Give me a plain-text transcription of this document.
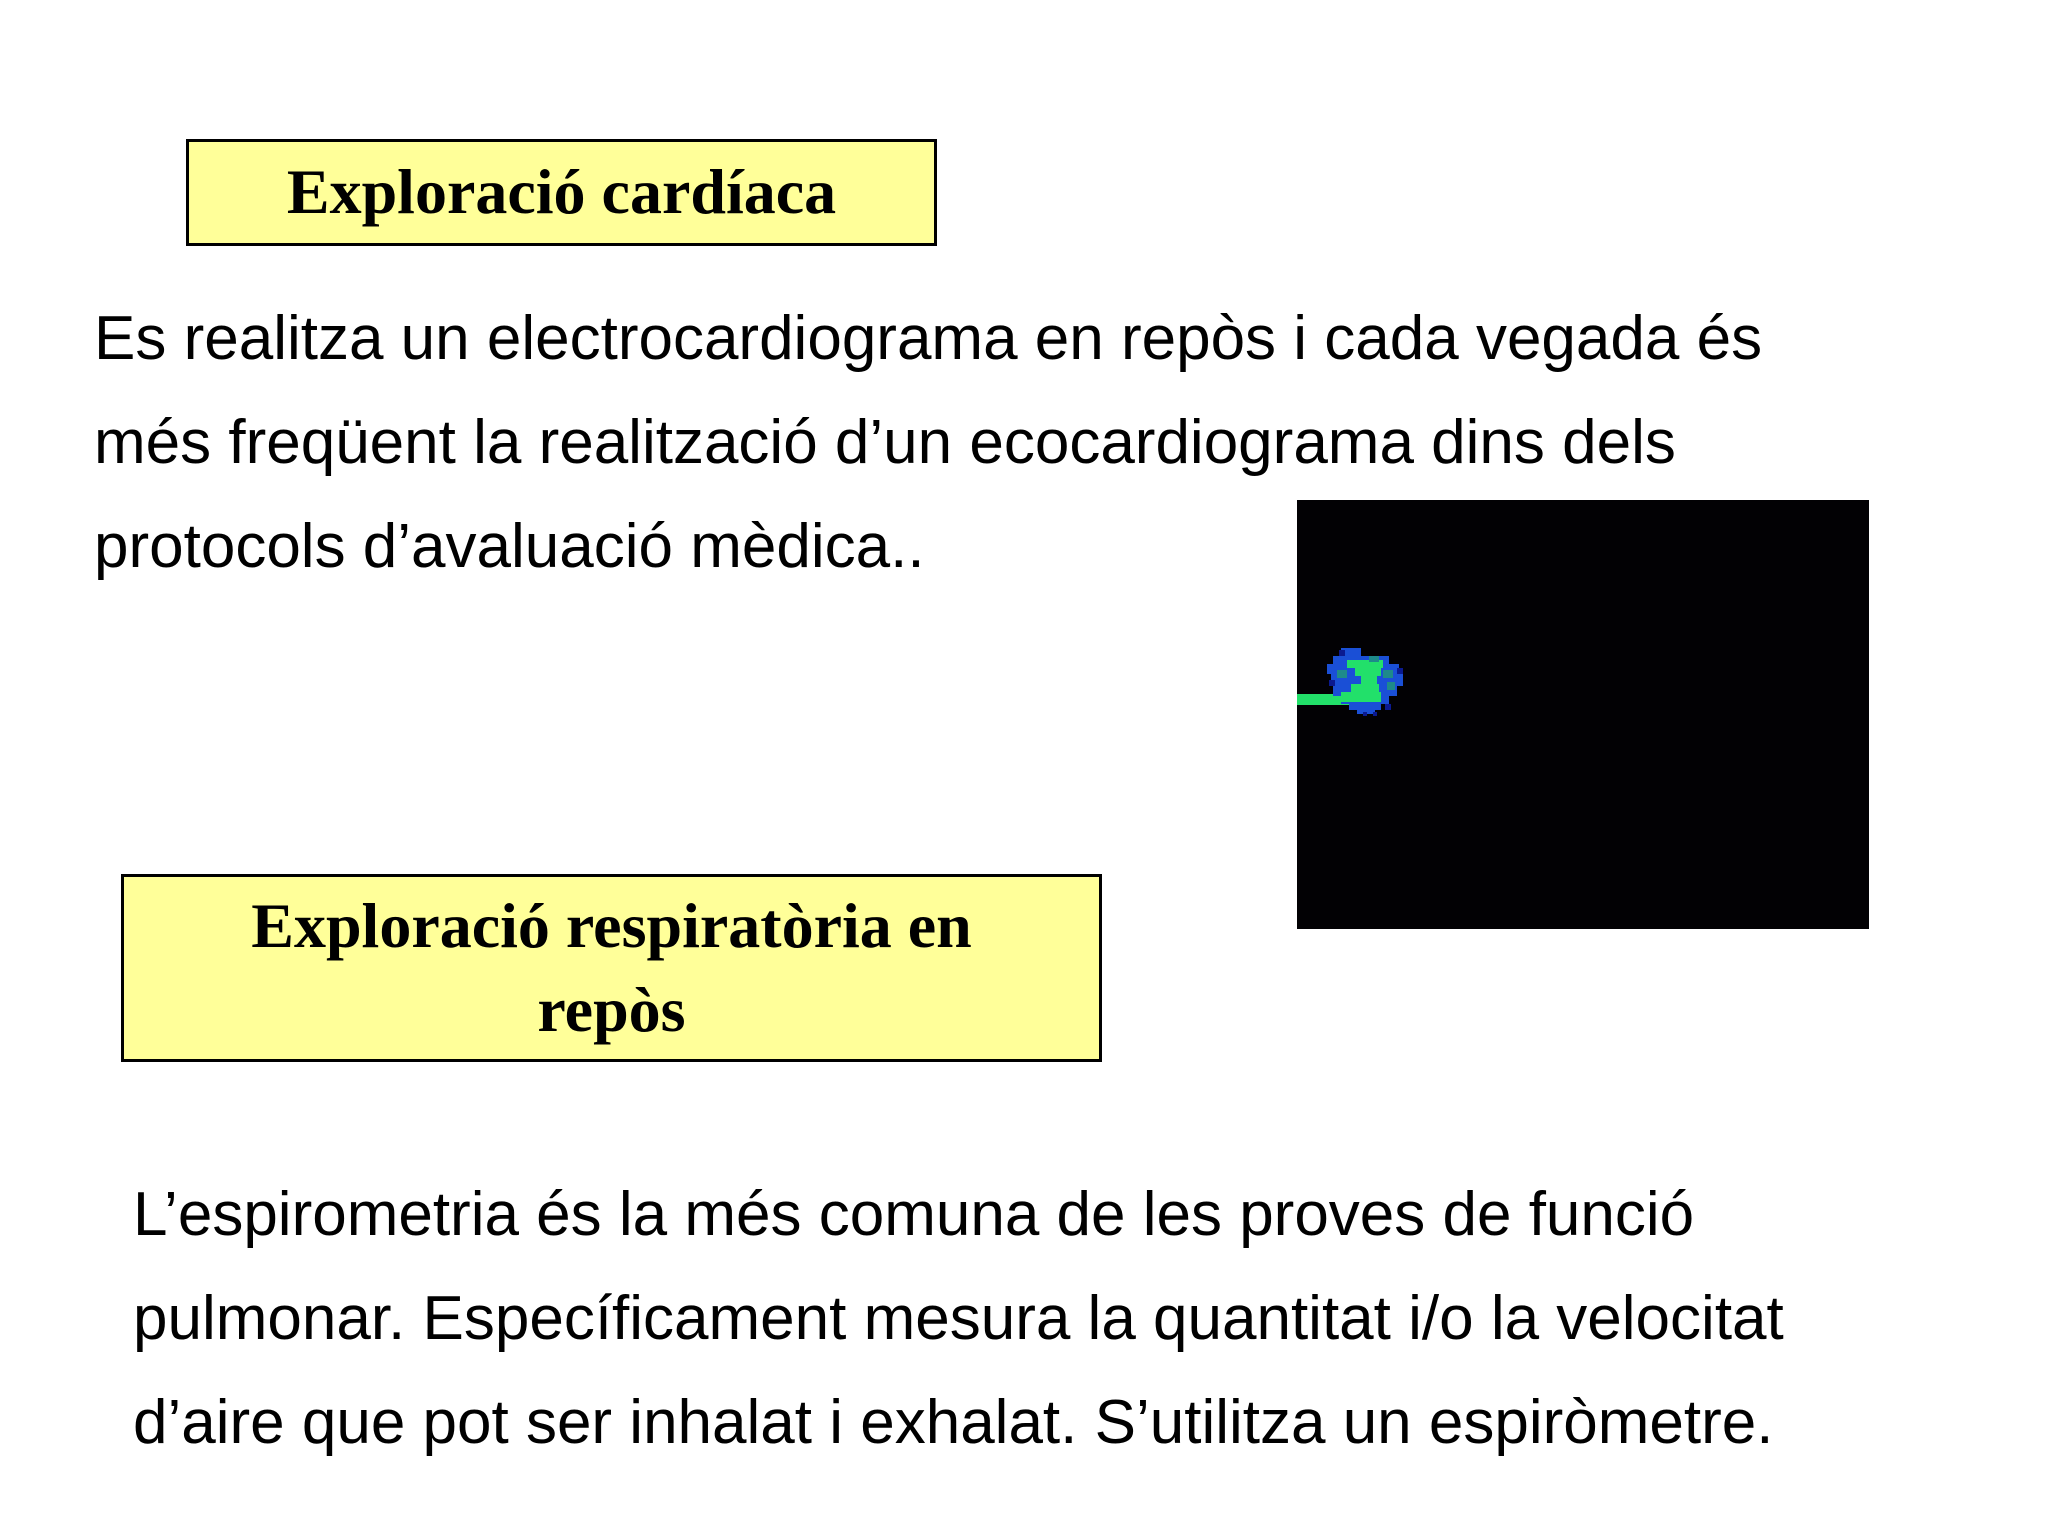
Exploració cardíaca

Es realitza un electrocardiograma en repòs i cada vegada és
més freqüent la realització d’un ecocardiograma dins dels
protocols d’avaluació mèdica..

Exploració respiratòria en
repòs

L’espirometria és la més comuna de les proves de funció
pulmonar. Específicament mesura la quantitat i/o la velocitat
d’aire que pot ser inhalat i exhalat. S’utilitza un espiròmetre.
